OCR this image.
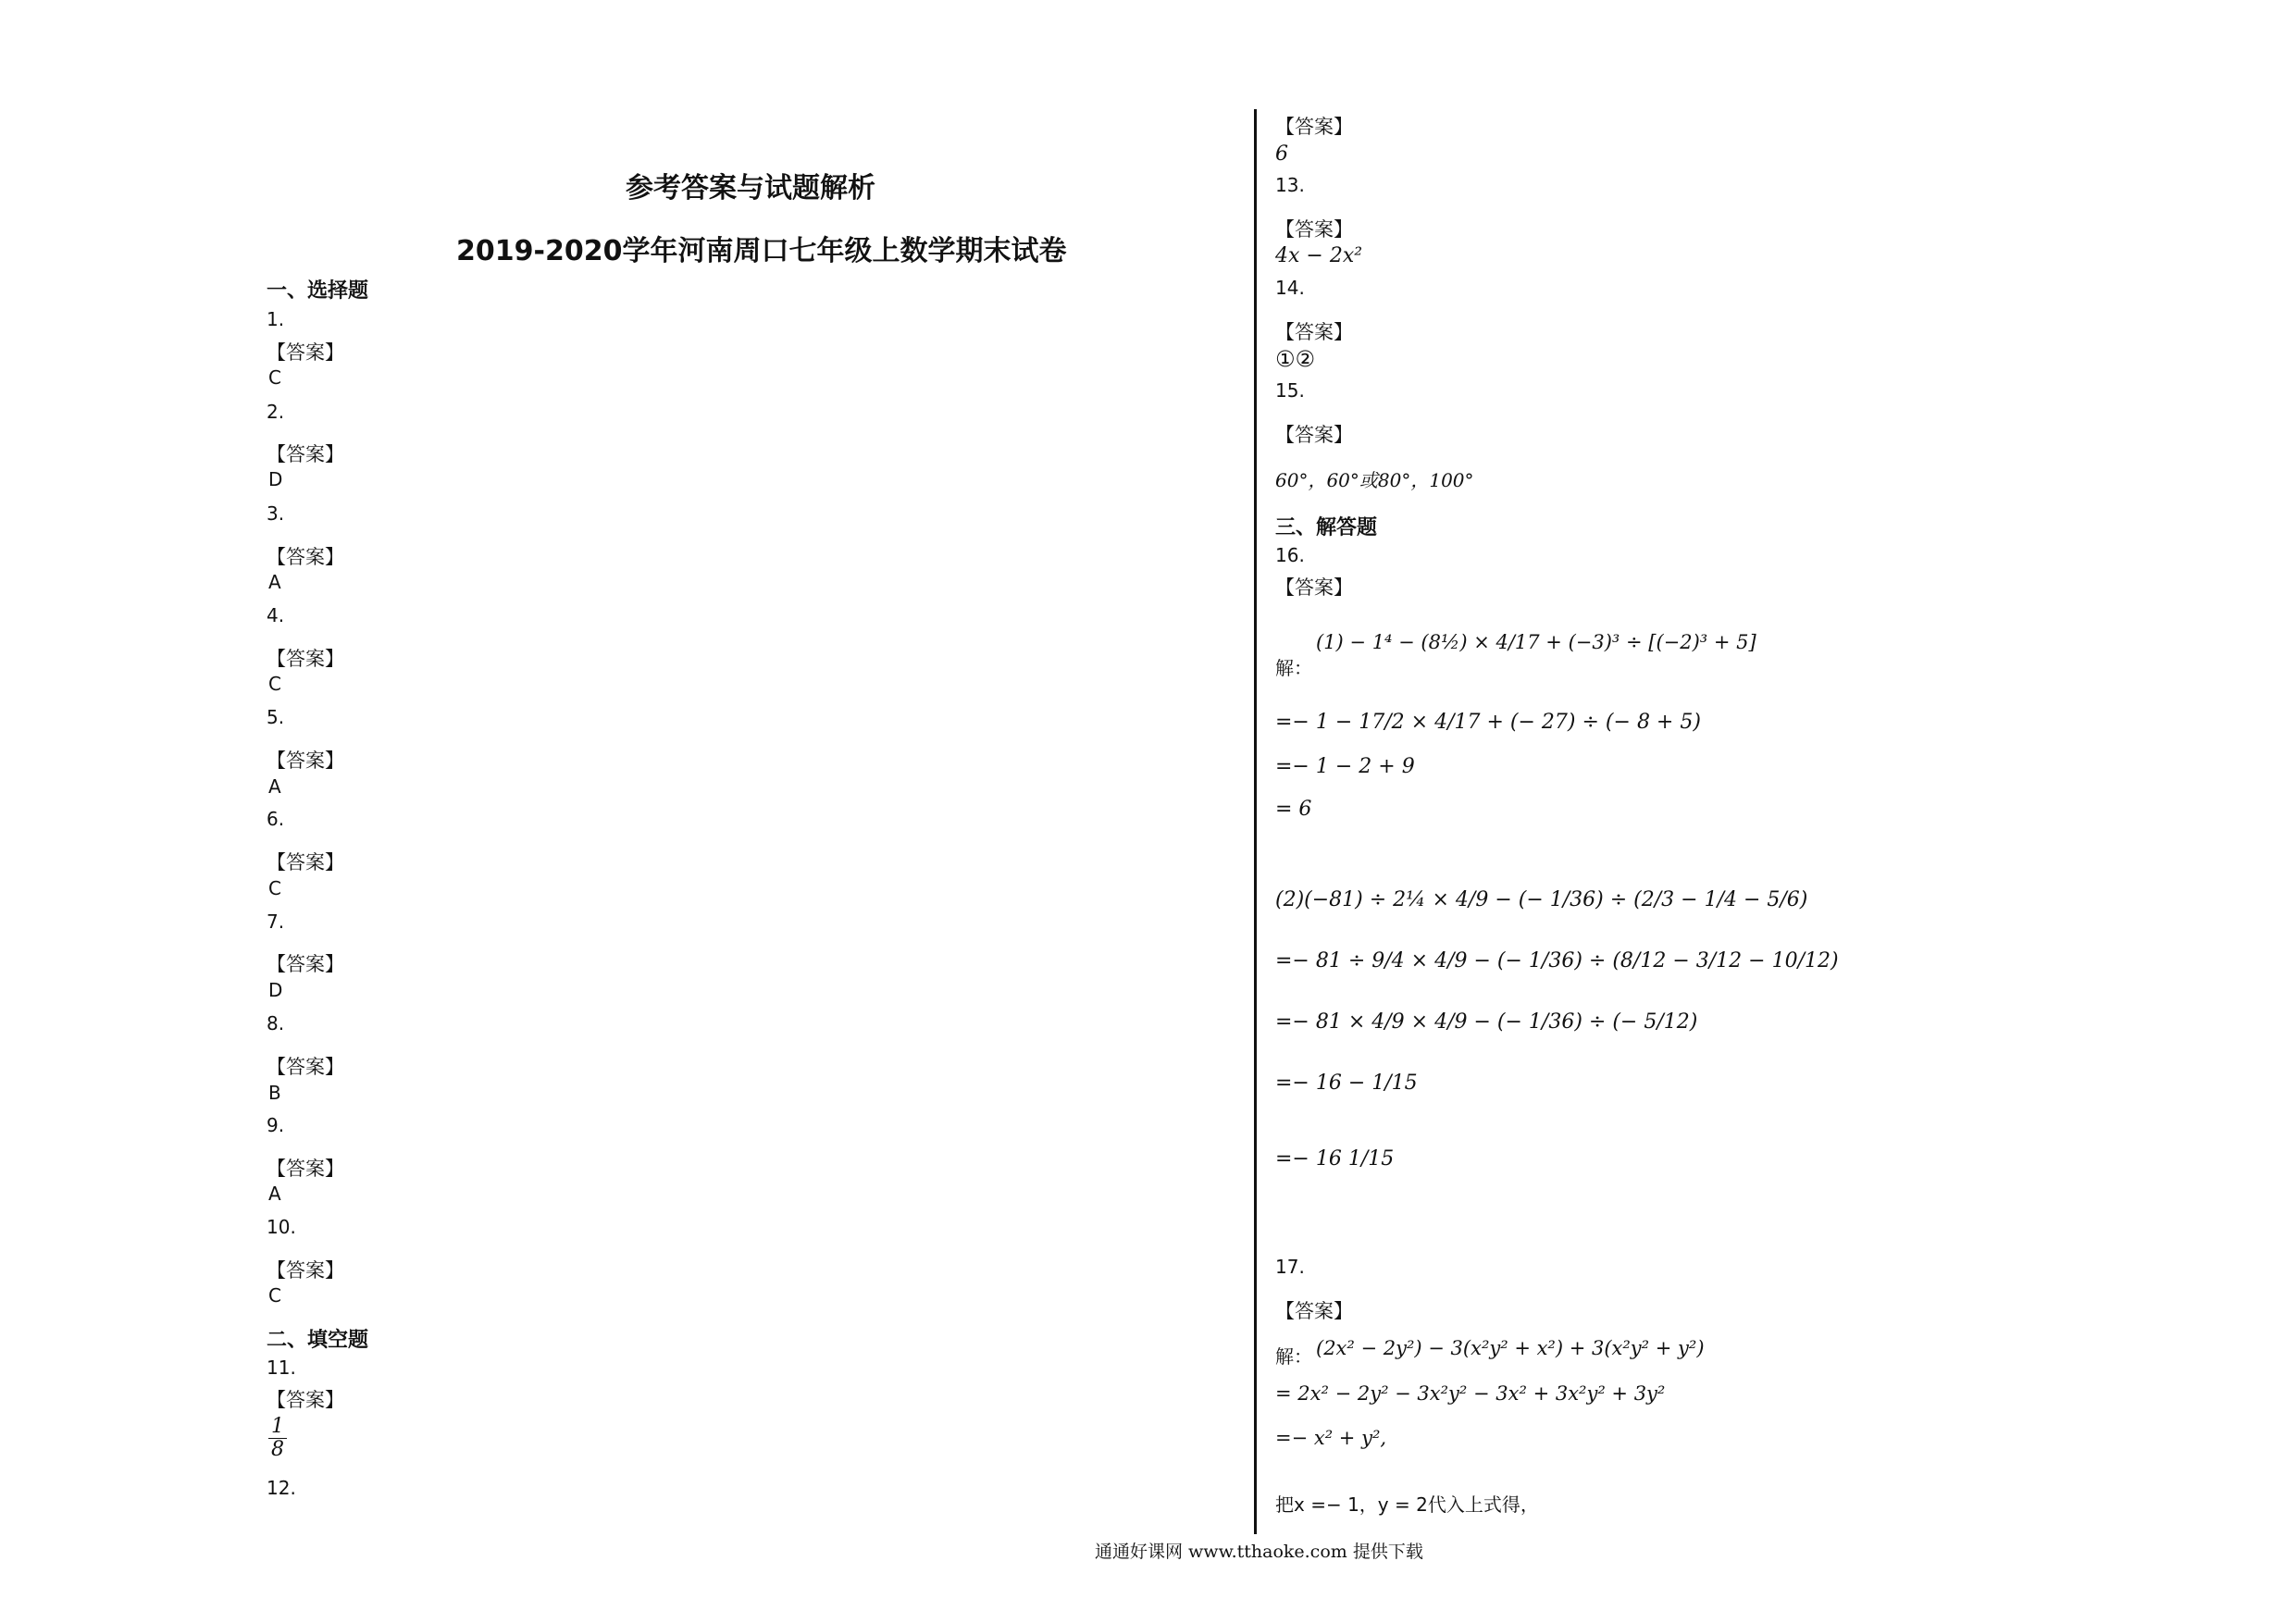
参考答案与试题解析
2019-2020学年河南周口七年级上数学期末试卷
一、选择题
1.
【答案】
C
2.
【答案】
D
3.
【答案】
A
4.
【答案】
C
5.
【答案】
A
6.
【答案】
C
7.
【答案】
D
8.
【答案】
B
9.
【答案】
A
10.
【答案】
C
二、填空题
11.
【答案】
$\frac{1}{8}$
12.
【答案】
6
13.
【答案】
4x − 2x²
14.
【答案】
①②
15.
【答案】
60°，60°或80°，100°
三、解答题
16.
【答案】
解：
(1) − 1⁴ − (8½) × 4/17 + (−3)³ ÷ [(−2)³ + 5]
=− 1 − 17/2 × 4/17 + (− 27) ÷ (− 8 + 5)
=− 1 − 2 + 9
= 6
(2)(−81) ÷ 2¼ × 4/9 − (− 1/36) ÷ (2/3 − 1/4 − 5/6)
=− 81 ÷ 9/4 × 4/9 − (− 1/36) ÷ (8/12 − 3/12 − 10/12)
=− 81 × 4/9 × 4/9 − (− 1/36) ÷ (− 5/12)
=− 16 − 1/15
=− 16 1/15
17.
【答案】
解： (2x² − 2y²) − 3(x²y² + x²) + 3(x²y² + y²)
= 2x² − 2y² − 3x²y² − 3x² + 3x²y² + 3y²
=− x² + y²,
把x =− 1，y = 2代入上式得，
通通好课网 www.tthaoke.com 提供下载
